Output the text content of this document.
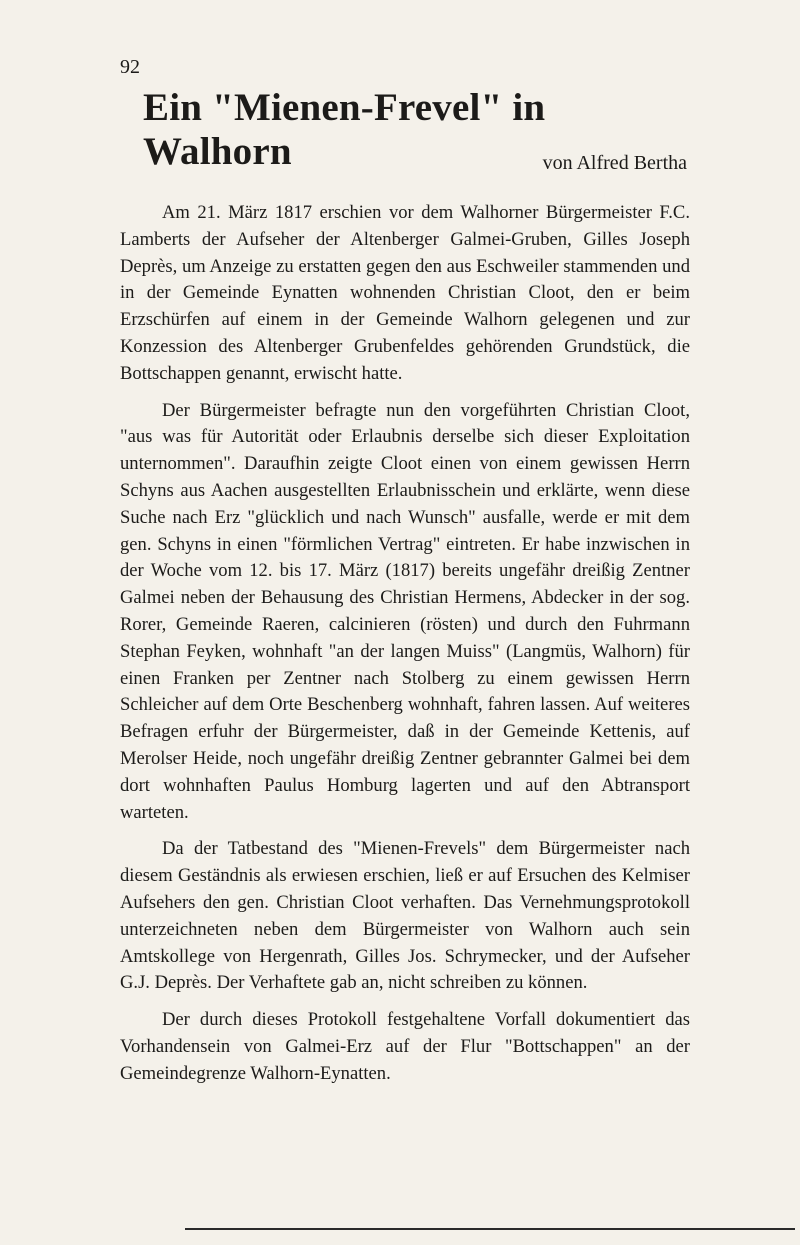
92
Ein "Mienen-Frevel" in Walhorn	von Alfred Bertha

Am 21. März 1817 erschien vor dem Walhorner Bürgermeister F.C. Lamberts der Aufseher der Altenberger Galmei-Gruben, Gilles Joseph Deprès, um Anzeige zu erstatten gegen den aus Eschweiler stammenden und in der Gemeinde Eynatten wohnenden Christian Cloot, den er beim Erzschürfen auf einem in der Gemeinde Walhorn gelegenen und zur Konzession des Altenberger Grubenfeldes gehörenden Grundstück, die Bottschappen genannt, erwischt hatte.

Der Bürgermeister befragte nun den vorgeführten Christian Cloot, "aus was für Autorität oder Erlaubnis derselbe sich dieser Exploitation unternommen". Daraufhin zeigte Cloot einen von einem gewissen Herrn Schyns aus Aachen ausgestellten Erlaubnisschein und erklärte, wenn diese Suche nach Erz "glücklich und nach Wunsch" ausfalle, werde er mit dem gen. Schyns in einen "förmlichen Vertrag" eintreten. Er habe inzwischen in der Woche vom 12. bis 17. März (1817) bereits ungefähr dreißig Zentner Galmei neben der Behausung des Christian Hermens, Abdecker in der sog. Rorer, Gemeinde Raeren, calcinieren (rösten) und durch den Fuhrmann Stephan Feyken, wohnhaft "an der langen Muiss" (Langmüs, Walhorn) für einen Franken per Zentner nach Stolberg zu einem gewissen Herrn Schleicher auf dem Orte Beschenberg wohnhaft, fahren lassen. Auf weiteres Befragen erfuhr der Bürgermeister, daß in der Gemeinde Kettenis, auf Merolser Heide, noch ungefähr dreißig Zentner gebrannter Galmei bei dem dort wohnhaften Paulus Homburg lagerten und auf den Abtransport warteten.

Da der Tatbestand des "Mienen-Frevels" dem Bürgermeister nach diesem Geständnis als erwiesen erschien, ließ er auf Ersuchen des Kelmiser Aufsehers den gen. Christian Cloot verhaften. Das Vernehmungsprotokoll unterzeichneten neben dem Bürgermeister von Walhorn auch sein Amtskollege von Hergenrath, Gilles Jos. Schrymecker, und der Aufseher G.J. Deprès. Der Verhaftete gab an, nicht schreiben zu können.

Der durch dieses Protokoll festgehaltene Vorfall dokumentiert das Vorhandensein von Galmei-Erz auf der Flur "Bottschappen" an der Gemeindegrenze Walhorn-Eynatten.
